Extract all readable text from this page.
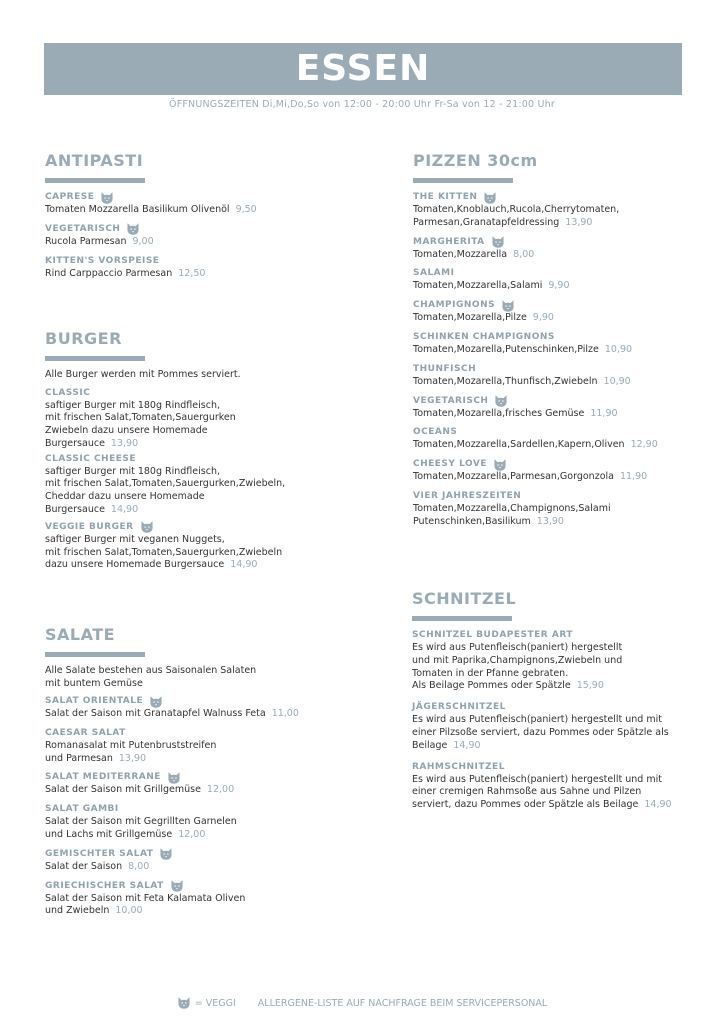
ESSEN
ÖFFNUNGSZEITEN Di,Mi,Do,So von 12:00 - 20:00 Uhr Fr-Sa von 12 - 21:00 Uhr
ANTIPASTI
CAPRESE
Tomaten Mozzarella Basilikum Olivenöl 9,50
VEGETARISCH
Rucola Parmesan 9,00
KITTEN'S VORSPEISE
Rind Carppaccio Parmesan 12,50
BURGER
Alle Burger werden mit Pommes serviert.
CLASSIC
saftiger Burger mit 180g Rindfleisch,
mit frischen Salat,Tomaten,Sauergurken
Zwiebeln dazu unsere Homemade
Burgersauce 13,90
CLASSIC CHEESE
saftiger Burger mit 180g Rindfleisch,
mit frischen Salat,Tomaten,Sauergurken,Zwiebeln,
Cheddar dazu unsere Homemade
Burgersauce 14,90
VEGGIE BURGER
saftiger Burger mit veganen Nuggets,
mit frischen Salat,Tomaten,Sauergurken,Zwiebeln
dazu unsere Homemade Burgersauce 14,90
SALATE
Alle Salate bestehen aus Saisonalen Salaten
mit buntem Gemüse
SALAT ORIENTALE
Salat der Saison mit Granatapfel Walnuss Feta 11,00
CAESAR SALAT
Romanasalat mit Putenbruststreifen
und Parmesan 13,90
SALAT MEDITERRANE
Salat der Saison mit Grillgemüse 12,00
SALAT GAMBI
Salat der Saison mit Gegrillten Garnelen
und Lachs mit Grillgemüse 12,00
GEMISCHTER SALAT
Salat der Saison 8,00
GRIECHISCHER SALAT
Salat der Saison mit Feta Kalamata Oliven
und Zwiebeln 10,00
PIZZEN 30cm
THE KITTEN
Tomaten,Knoblauch,Rucola,Cherrytomaten,
Parmesan,Granatapfeldressing 13,90
MARGHERITA
Tomaten,Mozzarella 8,00
SALAMI
Tomaten,Mozzarella,Salami 9,90
CHAMPIGNONS
Tomaten,Mozarella,Pilze 9,90
SCHINKEN CHAMPIGNONS
Tomaten,Mozarella,Putenschinken,Pilze 10,90
THUNFISCH
Tomaten,Mozarella,Thunfisch,Zwiebeln 10,90
VEGETARISCH
Tomaten,Mozarella,frisches Gemüse 11,90
OCEANS
Tomaten,Mozzarella,Sardellen,Kapern,Oliven 12,90
CHEESY LOVE
Tomaten,Mozzarella,Parmesan,Gorgonzola 11,90
VIER JAHRESZEITEN
Tomaten,Mozzarella,Champignons,Salami
Putenschinken,Basilikum 13,90
SCHNITZEL
SCHNITZEL BUDAPESTER ART
Es wird aus Putenfleisch(paniert) hergestellt
und mit Paprika,Champignons,Zwiebeln und
Tomaten in der Pfanne gebraten.
Als Beilage Pommes oder Spätzle 15,90
JÄGERSCHNITZEL
Es wird aus Putenfleisch(paniert) hergestellt und mit
einer Pilzsoße serviert, dazu Pommes oder Spätzle als
Beilage 14,90
RAHMSCHNITZEL
Es wird aus Putenfleisch(paniert) hergestellt und mit
einer cremigen Rahmsoße aus Sahne und Pilzen
serviert, dazu Pommes oder Spätzle als Beilage 14,90
= VEGGI ALLERGENE-LISTE AUF NACHFRAGE BEIM SERVICEPERSONAL
